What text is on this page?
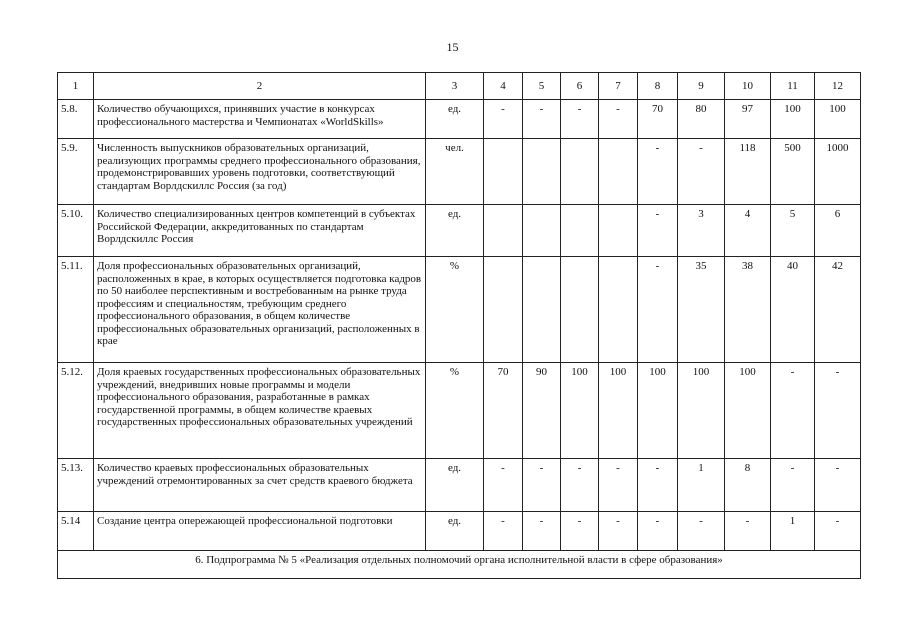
15
1	2	3	4	5	6	7	8	9	10	11	12
5.8.	Количество обучающихся, принявших участие в конкурсах профессионального мастерства и Чемпионатах «WorldSkills»	ед.	-	-	-	-	70	80	97	100	100
5.9.	Численность выпускников образовательных организаций, реализующих программы среднего профессионального образования, продемонстрировавших уровень подготовки, соответствующий стандартам Ворлдскиллс Россия (за год)	чел.					-	-	118	500	1000
5.10.	Количество специализированных центров компетенций в субъектах Российской Федерации, аккредитованных по стандартам Ворлдскиллс Россия	ед.					-	3	4	5	6
5.11.	Доля профессиональных образовательных организаций, расположенных в крае, в которых осуществляется подготовка кадров по 50 наиболее перспективным и востребованным на рынке труда профессиям и специальностям, требующим среднего профессионального образования, в общем количестве профессиональных образовательных организаций, расположенных в крае	%					-	35	38	40	42
5.12.	Доля краевых государственных профессиональных образовательных учреждений, внедривших новые программы и модели профессионального образования, разработанные в рамках государственной программы, в общем количестве краевых государственных профессиональных образовательных учреждений	%	70	90	100	100	100	100	100	-	-
5.13.	Количество краевых профессиональных образовательных учреждений отремонтированных за счет средств краевого бюджета	ед.	-	-	-	-	-	1	8	-	-
5.14	Создание центра опережающей профессиональной подготовки	ед.	-	-	-	-	-	-	-	1	-
6. Подпрограмма № 5 «Реализация отдельных полномочий органа исполнительной власти в сфере образования»											
